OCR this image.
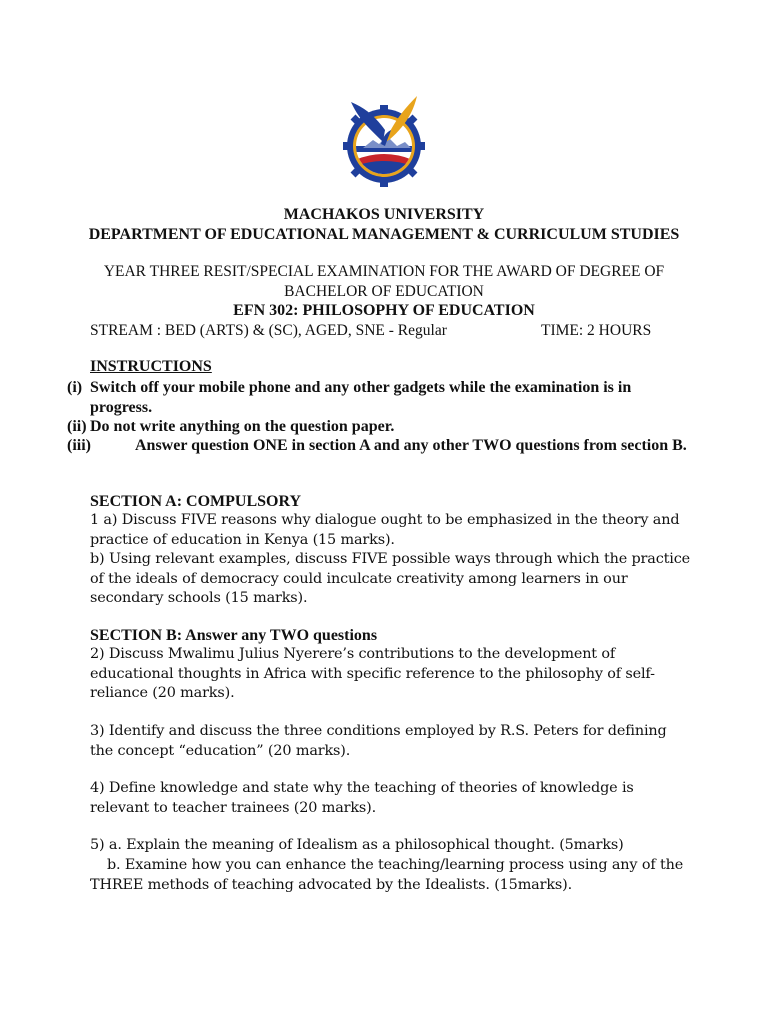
MACHAKOS UNIVERSITY
DEPARTMENT OF EDUCATIONAL MANAGEMENT & CURRICULUM STUDIES
YEAR THREE RESIT/SPECIAL EXAMINATION FOR THE AWARD OF DEGREE OF
BACHELOR OF EDUCATION
EFN 302: PHILOSOPHY OF EDUCATION
STREAM : BED (ARTS) & (SC), AGED, SNE - Regular	TIME: 2 HOURS
INSTRUCTIONS
(i) Switch off your mobile phone and any other gadgets while the examination is in progress.
(ii) Do not write anything on the question paper.
(iii)	Answer question ONE in section A and any other TWO questions from section B.
SECTION A: COMPULSORY
1 a) Discuss FIVE reasons why dialogue ought to be emphasized in the theory and practice of education in Kenya (15 marks).
b) Using relevant examples, discuss FIVE possible ways through which the practice of the ideals of democracy could inculcate creativity among learners in our secondary schools (15 marks).
SECTION B: Answer any TWO questions
2) Discuss Mwalimu Julius Nyerere’s contributions to the development of educational thoughts in Africa with specific reference to the philosophy of self-reliance (20 marks).
3) Identify and discuss the three conditions employed by R.S. Peters for defining the concept “education” (20 marks).
4) Define knowledge and state why the teaching of theories of knowledge is relevant to teacher trainees (20 marks).
5) a. Explain the meaning of Idealism as a philosophical thought. (5marks)
b. Examine how you can enhance the teaching/learning process using any of the THREE methods of teaching advocated by the Idealists. (15marks).
